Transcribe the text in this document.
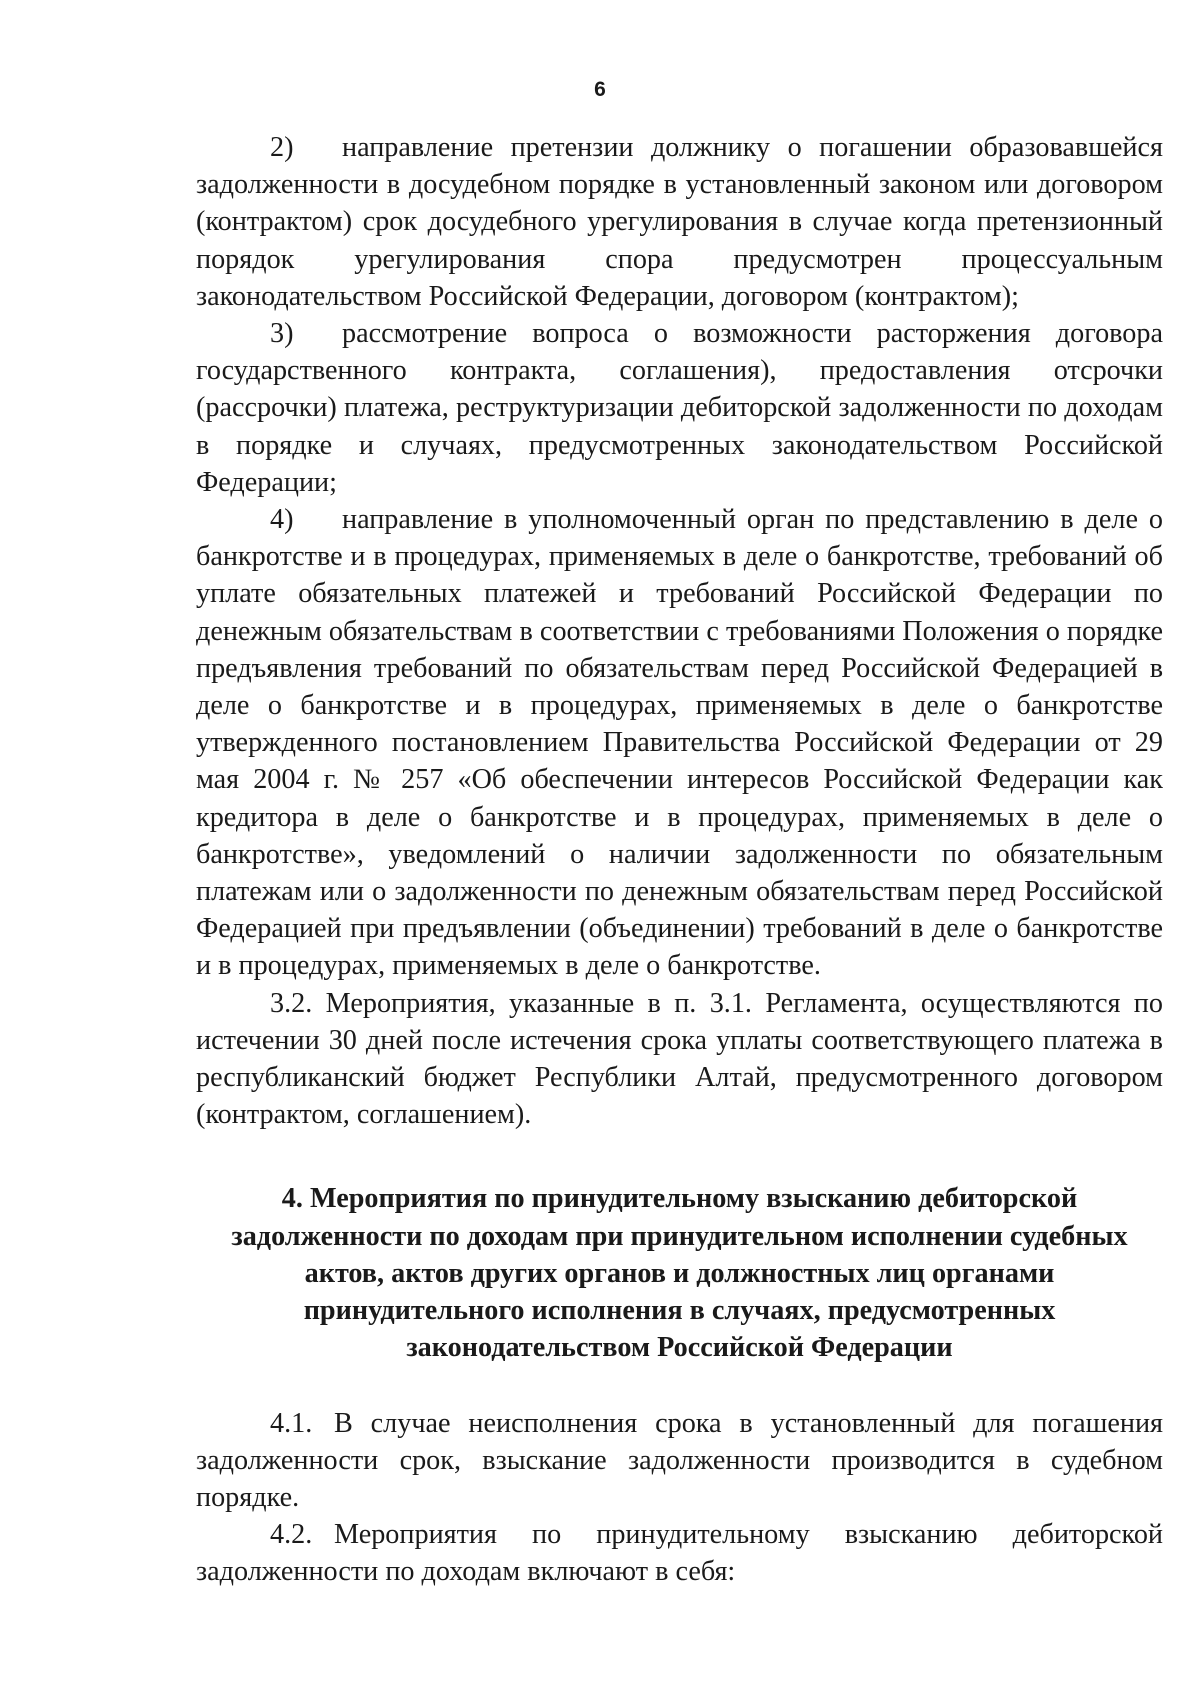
6

2) направление претензии должнику о погашении образовавшейся задолженности в досудебном порядке в установленный законом или договором (контрактом) срок досудебного урегулирования в случае когда претензионный порядок урегулирования спора предусмотрен процессуальным законодательством Российской Федерации, договором (контрактом);

3) рассмотрение вопроса о возможности расторжения договора государственного контракта, соглашения), предоставления отсрочки (рассрочки) платежа, реструктуризации дебиторской задолженности по доходам в порядке и случаях, предусмотренных законодательством Российской Федерации;

4) направление в уполномоченный орган по представлению в деле о банкротстве и в процедурах, применяемых в деле о банкротстве, требований об уплате обязательных платежей и требований Российской Федерации по денежным обязательствам в соответствии с требованиями Положения о порядке предъявления требований по обязательствам перед Российской Федерацией в деле о банкротстве и в процедурах, применяемых в деле о банкротстве утвержденного постановлением Правительства Российской Федерации от 29 мая 2004 г. № 257 «Об обеспечении интересов Российской Федерации как кредитора в деле о банкротстве и в процедурах, применяемых в деле о банкротстве», уведомлений о наличии задолженности по обязательным платежам или о задолженности по денежным обязательствам перед Российской Федерацией при предъявлении (объединении) требований в деле о банкротстве и в процедурах, применяемых в деле о банкротстве.

3.2. Мероприятия, указанные в п. 3.1. Регламента, осуществляются по истечении 30 дней после истечения срока уплаты соответствующего платежа в республиканский бюджет Республики Алтай, предусмотренного договором (контрактом, соглашением).

4. Мероприятия по принудительному взысканию дебиторской задолженности по доходам при принудительном исполнении судебных актов, актов других органов и должностных лиц органами принудительного исполнения в случаях, предусмотренных законодательством Российской Федерации

4.1. В случае неисполнения срока в установленный для погашения задолженности срок, взыскание задолженности производится в судебном порядке.

4.2. Мероприятия по принудительному взысканию дебиторской задолженности по доходам включают в себя:
